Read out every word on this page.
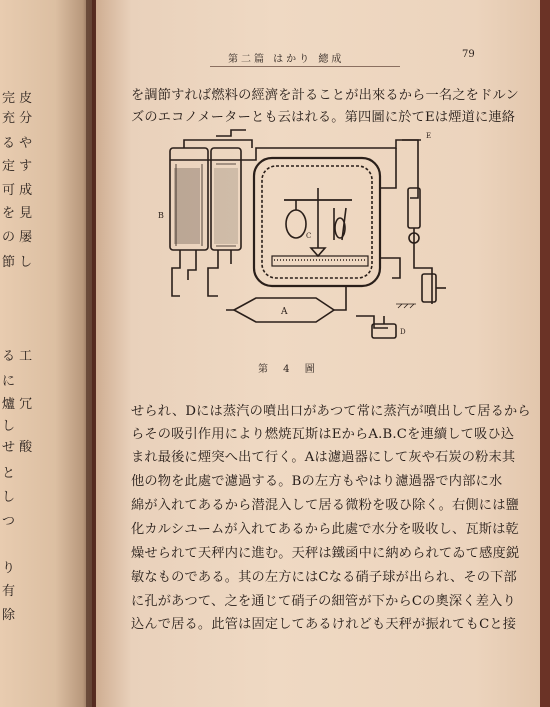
完 皮
充 分
る や
定 す
可 成
を 見
の 屡
節 し
る 工
に
爐 冗
し
せ 酸
と
し
つ
り
有
除
第二篇 はかり 總成	79
を調節すれば燃料の經濟を計ることが出來るから一名之をドルン
ズのエコノメーターとも云はれる。第四圖に於てEは煙道に連絡
B
A
C
E
D
第 4 圖
せられ、Dには蒸汽の噴出口があつて常に蒸汽が噴出して居るから
らその吸引作用により燃焼瓦斯はEからA.B.Cを連續して吸ひ込
まれ最後に煙突へ出て行く。Aは濾過器にして灰や石炭の粉末其
他の物を此處で濾過する。Bの左方もやはり濾過器で内部に水
綿が入れてあるから潜混入して居る微粉を吸ひ除く。右側には鹽
化カルシユームが入れてあるから此處で水分を吸收し、瓦斯は乾
燥せられて天秤内に進む。天秤は鐵函中に納められてゐて感度鋭
敏なものである。其の左方にはCなる硝子球が出られ、その下部
に孔があつて、之を通じて硝子の細管が下からCの奧深く差入り
込んで居る。此管は固定してあるけれども天秤が振れてもCと接
